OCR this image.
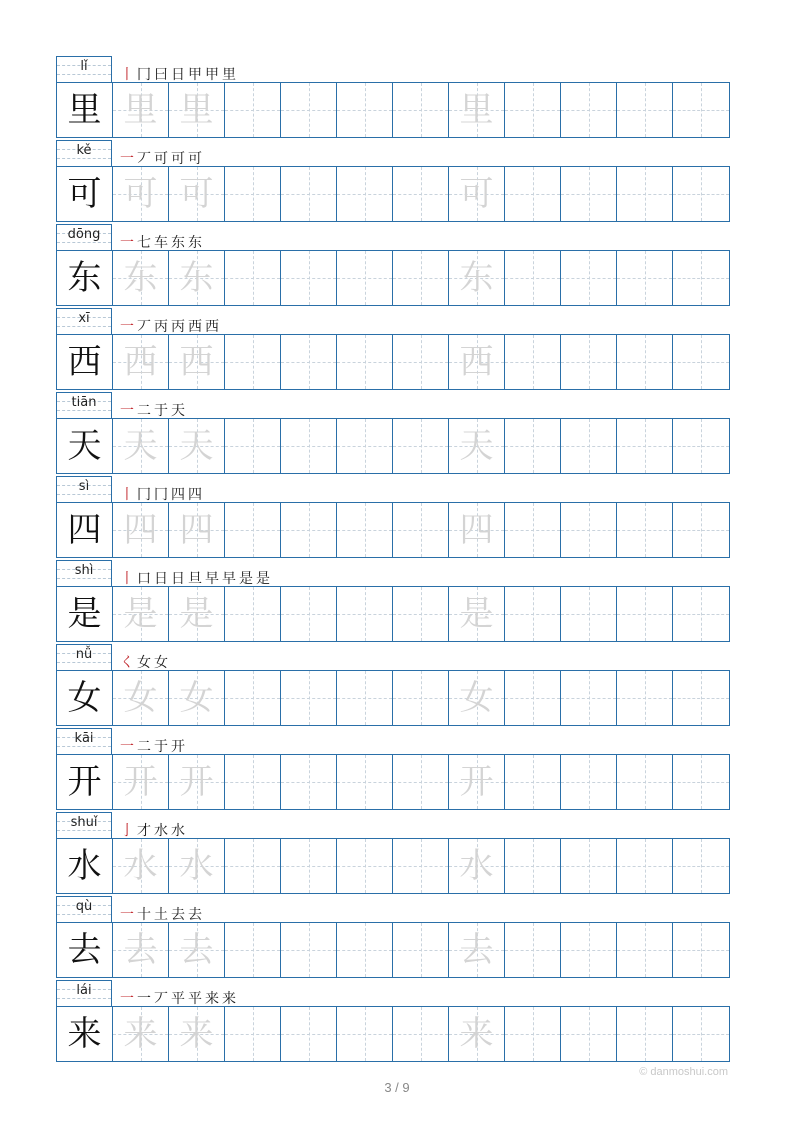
lǐ
丨 冂 曰 日 甲 甲 里
里 里 里	里
kě
一 丆 可 可 可
可 可 可	可
dōng
一 七 车 东 东
东 东 东	东
xī
一 丆 丙 丙 西 西
西 西 西	西
tiān
一 二 于 天
天 天 天	天
sì
丨 冂 冂 四 四
四 四 四	四
shì
丨 口 日 日 旦 早 早 是 是
是 是 是	是
nǚ
く 女 女
女 女 女	女
kāi
一 二 于 开
开 开 开	开
shuǐ
亅 才 水 水
水 水 水	水
qù
一 十 土 去 去
去 去 去	去
lái
一 一 丆 平 平 来 来
来 来 来	来
© danmoshui.com
3 / 9
